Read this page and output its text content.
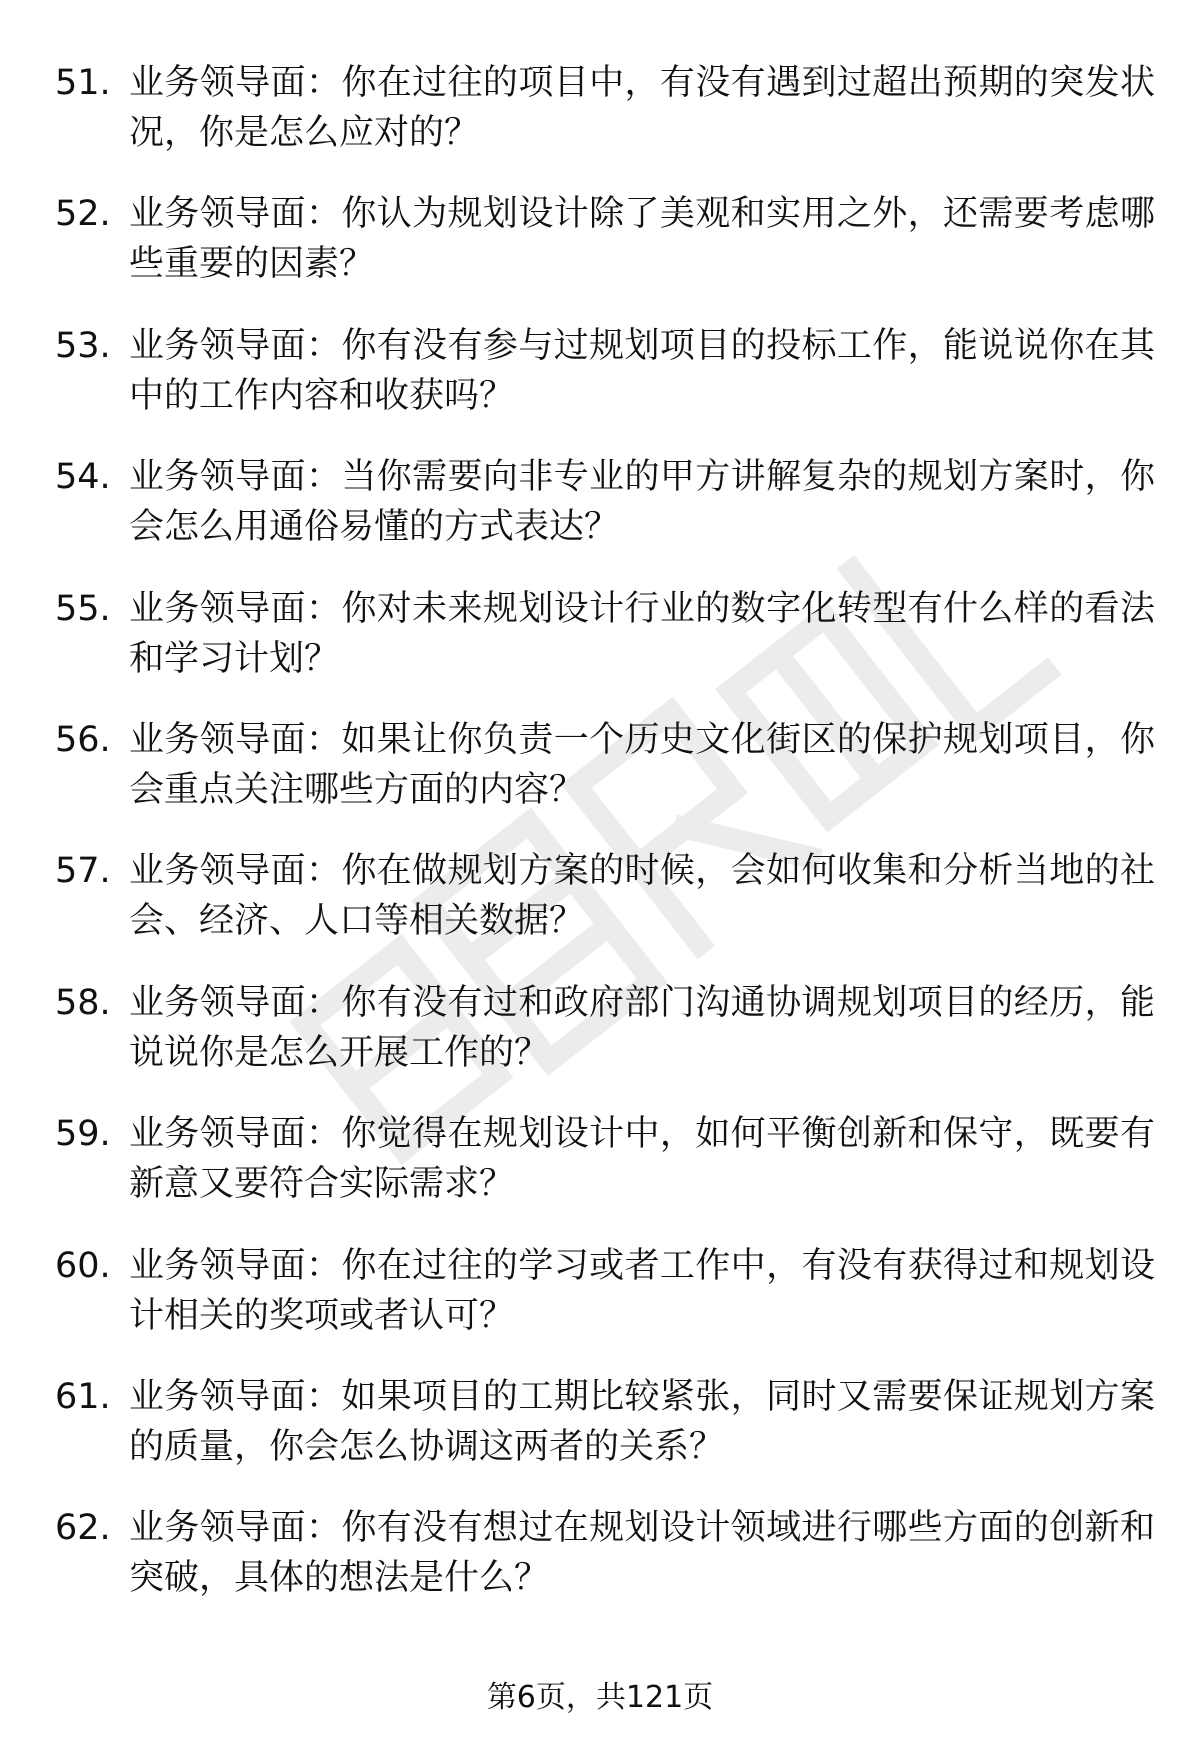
51. 业务领导面：你在过往的项目中，有没有遇到过超出预期的突发状况，你是怎么应对的？
52. 业务领导面：你认为规划设计除了美观和实用之外，还需要考虑哪些重要的因素？
53. 业务领导面：你有没有参与过规划项目的投标工作，能说说你在其中的工作内容和收获吗？
54. 业务领导面：当你需要向非专业的甲方讲解复杂的规划方案时，你会怎么用通俗易懂的方式表达？
55. 业务领导面：你对未来规划设计行业的数字化转型有什么样的看法和学习计划？
56. 业务领导面：如果让你负责一个历史文化街区的保护规划项目，你会重点关注哪些方面的内容？
57. 业务领导面：你在做规划方案的时候，会如何收集和分析当地的社会、经济、人口等相关数据？
58. 业务领导面：你有没有过和政府部门沟通协调规划项目的经历，能说说你是怎么开展工作的？
59. 业务领导面：你觉得在规划设计中，如何平衡创新和保守，既要有新意又要符合实际需求？
60. 业务领导面：你在过往的学习或者工作中，有没有获得过和规划设计相关的奖项或者认可？
61. 业务领导面：如果项目的工期比较紧张，同时又需要保证规划方案的质量，你会怎么协调这两者的关系？
62. 业务领导面：你有没有想过在规划设计领域进行哪些方面的创新和突破，具体的想法是什么？
第6页，共121页
